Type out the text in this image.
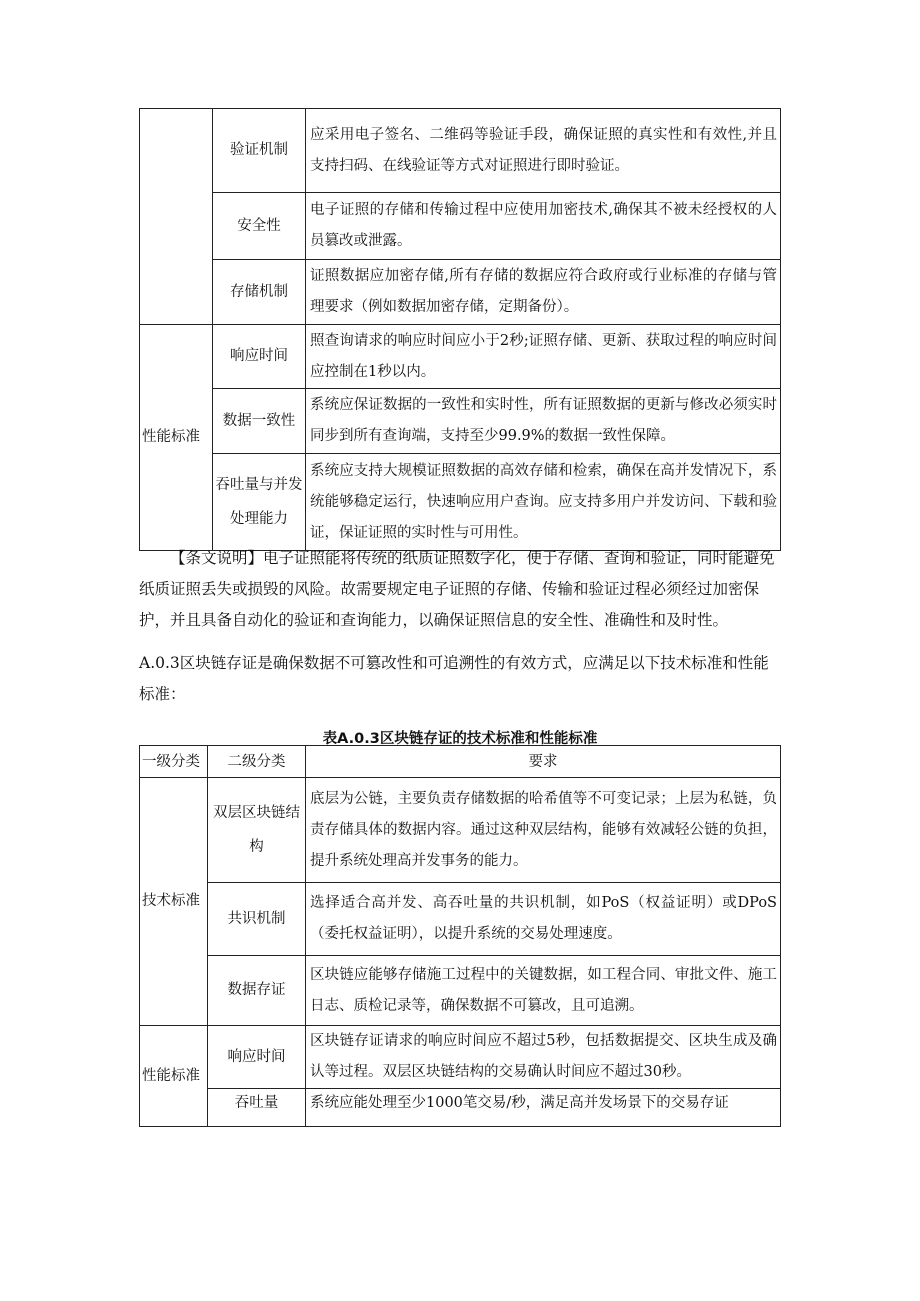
	验证机制	应采用电子签名、二维码等验证手段，确保证照的真实性和有效性,并且支持扫码、在线验证等方式对证照进行即时验证。
	安全性	电子证照的存储和传输过程中应使用加密技术,确保其不被未经授权的人员篡改或泄露。
	存储机制	证照数据应加密存储,所有存储的数据应符合政府或行业标准的存储与管理要求（例如数据加密存储，定期备份）。
性能标准	响应时间	照查询请求的响应时间应小于2秒;证照存储、更新、获取过程的响应时间应控制在1秒以内。
	数据一致性	系统应保证数据的一致性和实时性，所有证照数据的更新与修改必须实时同步到所有查询端，支持至少99.9%的数据一致性保障。
	吞吐量与并发处理能力	系统应支持大规模证照数据的高效存储和检索，确保在高并发情况下，系统能够稳定运行，快速响应用户查询。应支持多用户并发访问、下载和验证，保证证照的实时性与可用性。

【条文说明】电子证照能将传统的纸质证照数字化，便于存储、查询和验证，同时能避免纸质证照丢失或损毁的风险。故需要规定电子证照的存储、传输和验证过程必须经过加密保护，并且具备自动化的验证和查询能力，以确保证照信息的安全性、准确性和及时性。

A.0.3区块链存证是确保数据不可篡改性和可追溯性的有效方式，应满足以下技术标准和性能标准：

表A.0.3区块链存证的技术标准和性能标准
一级分类	二级分类	要求
技术标准	双层区块链结构	底层为公链，主要负责存储数据的哈希值等不可变记录；上层为私链，负责存储具体的数据内容。通过这种双层结构，能够有效减轻公链的负担，提升系统处理高并发事务的能力。
	共识机制	选择适合高并发、高吞吐量的共识机制，如PoS（权益证明）或DPoS（委托权益证明），以提升系统的交易处理速度。
	数据存证	区块链应能够存储施工过程中的关键数据，如工程合同、审批文件、施工日志、质检记录等，确保数据不可篡改，且可追溯。
性能标准	响应时间	区块链存证请求的响应时间应不超过5秒，包括数据提交、区块生成及确认等过程。双层区块链结构的交易确认时间应不超过30秒。
	吞吐量	系统应能处理至少1000笔交易/秒，满足高并发场景下的交易存证
